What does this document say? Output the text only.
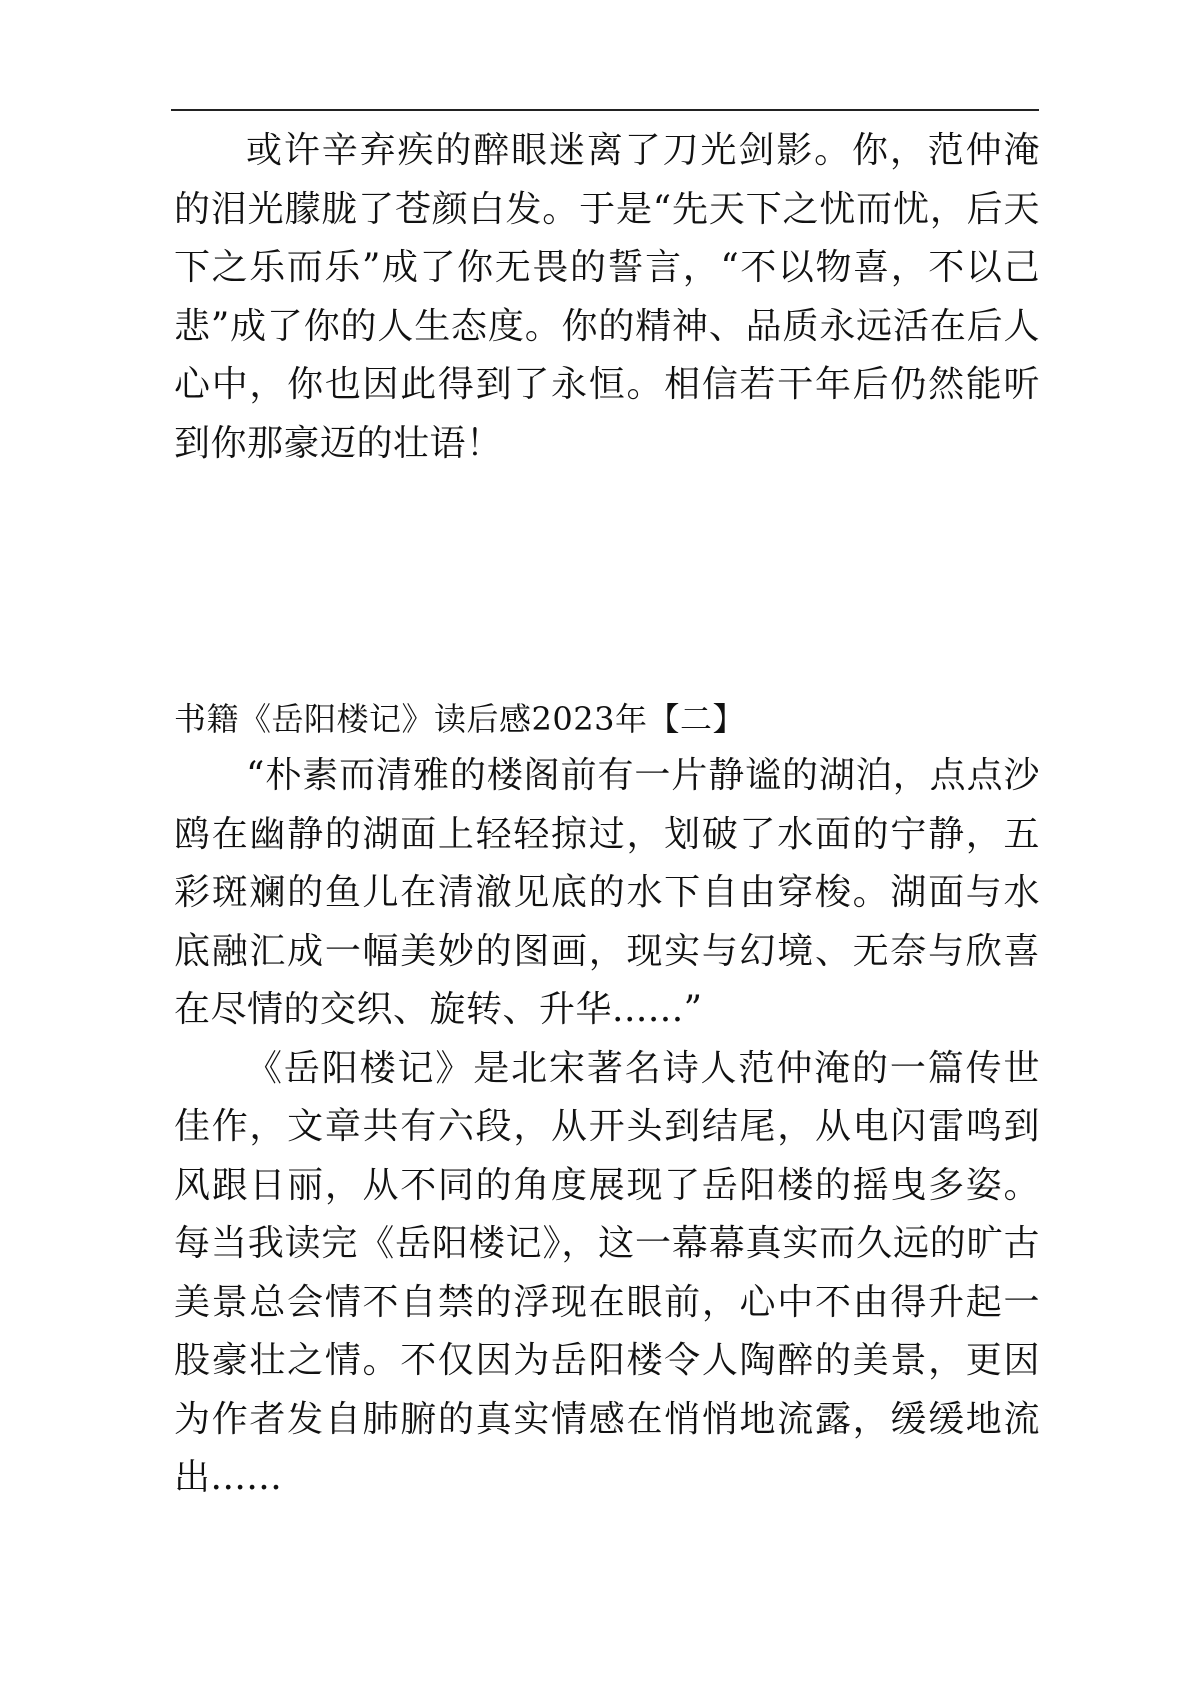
或许辛弃疾的醉眼迷离了刀光剑影。你，范仲淹的泪光朦胧了苍颜白发。于是“先天下之忧而忧，后天下之乐而乐”成了你无畏的誓言，“不以物喜，不以己悲”成了你的人生态度。你的精神、品质永远活在后人心中，你也因此得到了永恒。相信若干年后仍然能听到你那豪迈的壮语！

书籍《岳阳楼记》读后感2023年【二】

“朴素而清雅的楼阁前有一片静谧的湖泊，点点沙鸥在幽静的湖面上轻轻掠过，划破了水面的宁静，五彩斑斓的鱼儿在清澈见底的水下自由穿梭。湖面与水底融汇成一幅美妙的图画，现实与幻境、无奈与欣喜在尽情的交织、旋转、升华......”

《岳阳楼记》是北宋著名诗人范仲淹的一篇传世佳作，文章共有六段，从开头到结尾，从电闪雷鸣到风跟日丽，从不同的角度展现了岳阳楼的摇曳多姿。每当我读完《岳阳楼记》，这一幕幕真实而久远的旷古美景总会情不自禁的浮现在眼前，心中不由得升起一股豪壮之情。不仅因为岳阳楼令人陶醉的美景，更因为作者发自肺腑的真实情感在悄悄地流露，缓缓地流出......
